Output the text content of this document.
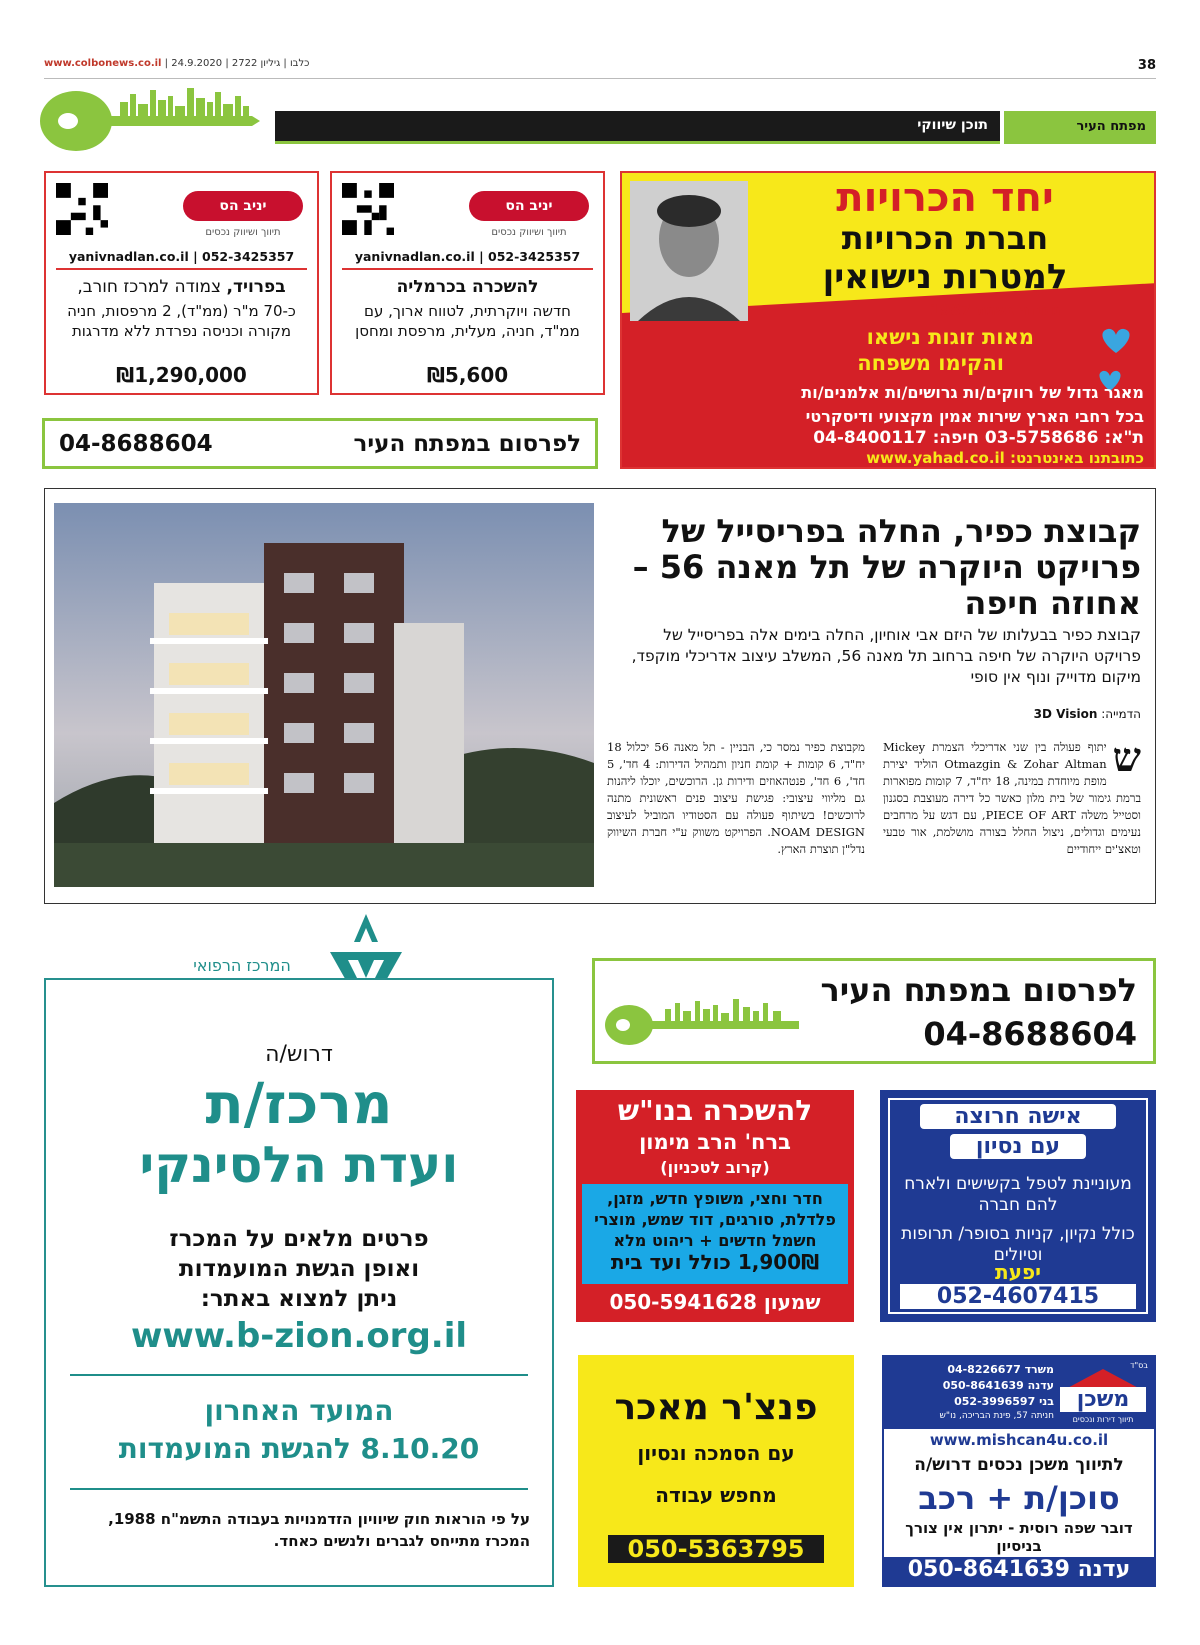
www.colbonews.co.il | כלבו | גיליון 2722 | 24.9.2020	38
תוכן שיווקי	מפתח העיר
יניב הס
תיווך ושיווק נכסים
yanivnadlan.co.il | 052-3425357
להשכרה בכרמליה
חדשה ויוקרתית, לטווח ארוך, עם ממ"ד, חניה, מעלית, מרפסת ומחסן
₪5,600
יניב הס
תיווך ושיווק נכסים
yanivnadlan.co.il | 052-3425357
בפרויד, צמודה למרכז חורב,
כ-70 מ"ר (ממ"ד), 2 מרפסות, חניה מקורה וכניסה נפרדת ללא מדרגות
₪1,290,000
04-8688604	לפרסום במפתח העיר
יחד הכרויות
חברת הכרויות
למטרות נישואין
נוסדה בשנת 1987
מאות זוגות נישאו
והקימו משפחה
מאגר גדול של רווקים/ות גרושים/ות אלמנים/ות
בכל רחבי הארץ שירות אמין מקצועי ודיסקרטי
ת"א: 03-5758686 חיפה: 04-8400117
כתובתנו באינטרנט: www.yahad.co.il
קבוצת כפיר, החלה בפריסייל של פרויקט היוקרה של תל מאנה 56 – אחוזה חיפה
קבוצת כפיר בבעלותו של היזם אבי אוחיון, החלה בימים אלה בפריסייל של פרויקט היוקרה של חיפה ברחוב תל מאנה 56, המשלב עיצוב אדריכלי מוקפד, מיקום מדוייק ונוף אין סופי
הדמייה: 3D Vision
ש
יתוף פעולה בין שני אדריכלי הצמרת Mickey Otmazgin & Zohar Altman הוליד יצירת מופת מיוחדת במינה, 18 יח"ד, 7 קומות מפוארות ברמת גימור של בית מלון כאשר כל דירה מעוצבת בסגנון וסטייל משלה PIECE OF ART, עם דגש על מרחבים נעימים וגדולים, ניצול החלל בצורה מושלמת, אור טבעי וטאצ'ים ייחודיים
מקבוצת כפיר נמסר כי, הבניין - תל מאנה 56 יכלול 18 יח"ד, 6 קומות + קומת חניון ותמהיל הדירות: 4 חד', 5 חד', 6 חד', פנטהאוזים ודירות גן. הרוכשים, יוכלו ליהנות גם מליווי עיצובי: פגישת עיצוב פנים ראשונית מתנה לרוכשים! בשיתוף פעולה עם הסטודיו המוביל לעיצוב NOAM DESIGN. הפרויקט משווק ע"י חברת השיווק נדל"ן תוצרת הארץ.
המרכז הרפואי
דרוש/ה
מרכז/ת
ועדת הלסינקי
פרטים מלאים על המכרז
ואופן הגשת המועמדות
ניתן למצוא באתר:
www.b-zion.org.il
המועד האחרון
8.10.20 להגשת המועמדות
על פי הוראות חוק שיוויון הזדמנויות בעבודה התשמ"ח 1988,
המכרז מתייחס לגברים ולנשים כאחד.
לפרסום במפתח העיר
04-8688604
להשכרה בנו"ש
ברח' הרב מימון
(קרוב לטכניון)
חדר וחצי, משופץ חדש, מזגן, פלדלת, סורגים, דוד שמש, מוצרי חשמל חדשים + ריהוט מלא
1,900₪ כולל ועד בית
שמעון 050-5941628
אישה חרוצה
עם נסיון
מעוניינת לטפל בקשישים ולארח להם חברה
כולל נקיון, קניות בסופר/ תרופות וטיולים
יפעת
052-4607415
פנצ'ר מאכר
עם הסמכה ונסיון
מחפש עבודה
050-5363795
בס"ד
משכן
תיווך דירות ונכסים
משרד 04-8226677
עדנה 050-8641639
בני 052-3996597
חניתה 57, פינת הבריכה, נו"ש
www.mishcan4u.co.il
לתיווך משכן נכסים דרוש/ה
סוכן/ת + רכב
דובר שפה רוסית - יתרון אין צורך בניסיון
עדנה 050-8641639
